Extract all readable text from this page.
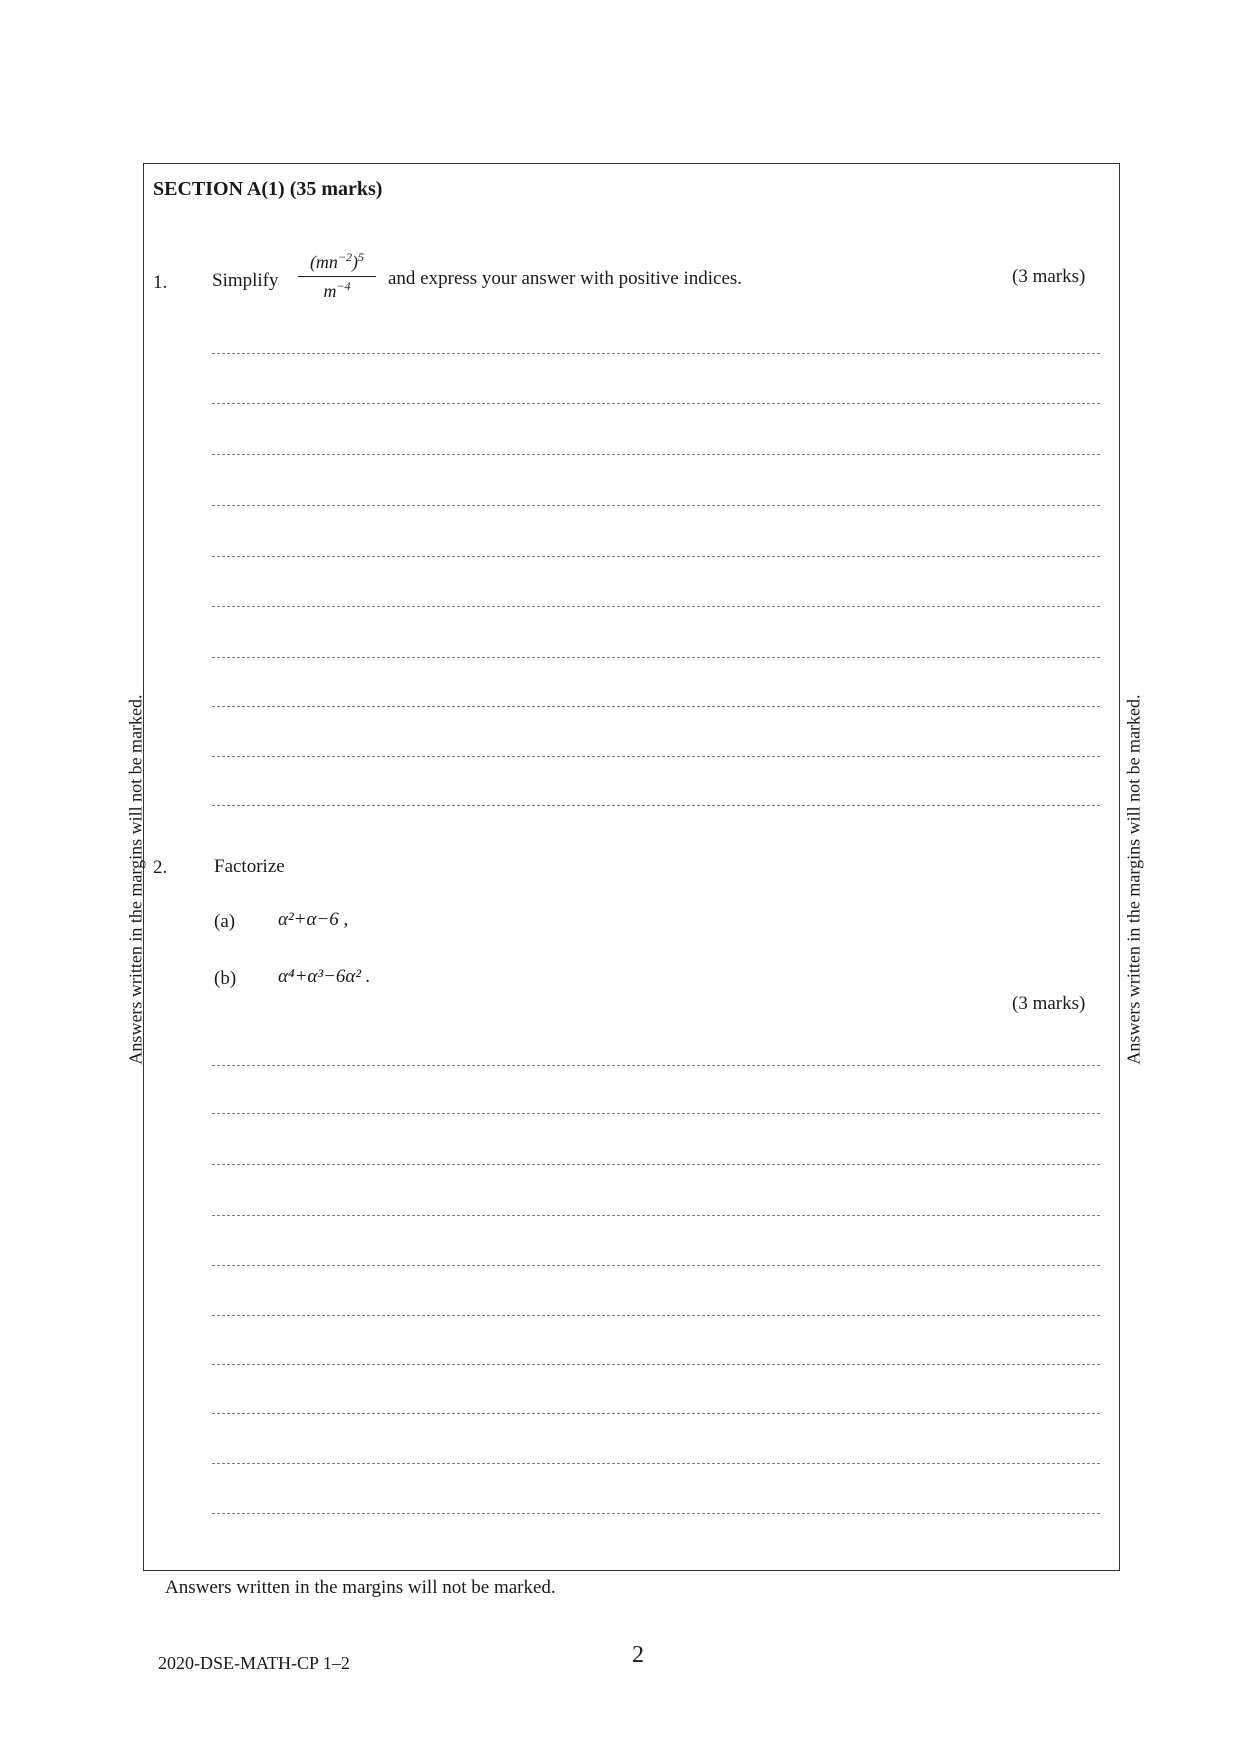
SECTION A(1) (35 marks)
1. Simplify
$(mn^{-2})^5$
$m^{-4}$	and express your answer with positive indices.	(3 marks)
2. Factorize
(a) α²+α−6 ,
(b) α⁴+α³−6α² .
(3 marks)
Answers written in the margins will not be marked.	Answers written in the margins will not be marked.
Answers written in the margins will not be marked.
2020-DSE-MATH-CP 1–2	2
